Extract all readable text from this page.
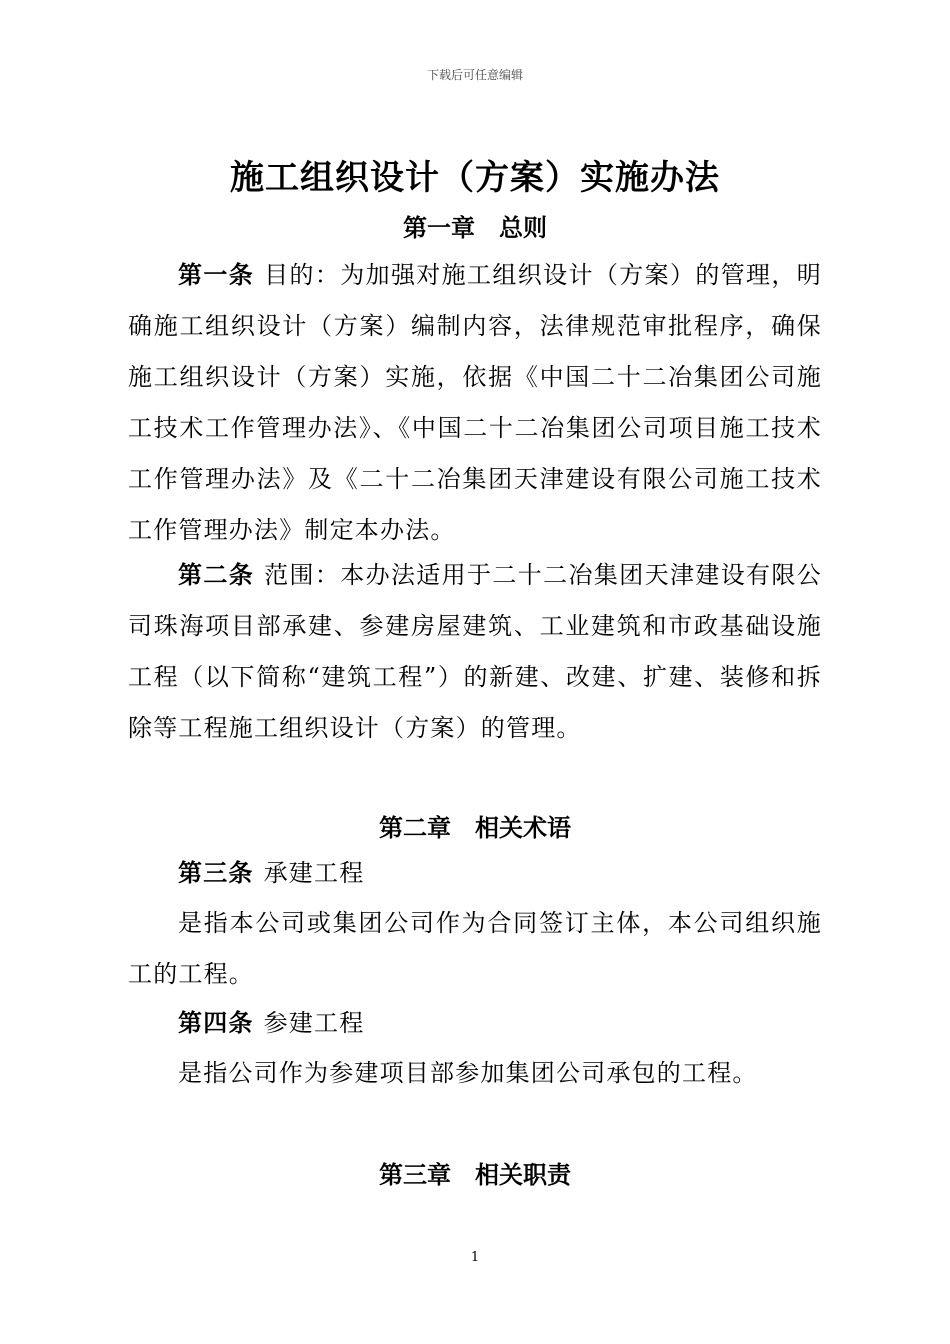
下载后可任意编辑
施工组织设计（方案）实施办法
第一章 总则
第一条 目的：为加强对施工组织设计（方案）的管理，明确施工组织设计（方案）编制内容，法律规范审批程序，确保施工组织设计（方案）实施，依据《中国二十二冶集团公司施工技术工作管理办法》、《中国二十二冶集团公司项目施工技术工作管理办法》及《二十二冶集团天津建设有限公司施工技术工作管理办法》制定本办法。
第二条 范围：本办法适用于二十二冶集团天津建设有限公司珠海项目部承建、参建房屋建筑、工业建筑和市政基础设施工程（以下简称“建筑工程”）的新建、改建、扩建、装修和拆除等工程施工组织设计（方案）的管理。
第二章 相关术语
第三条 承建工程
是指本公司或集团公司作为合同签订主体，本公司组织施工的工程。
第四条 参建工程
是指公司作为参建项目部参加集团公司承包的工程。
第三章 相关职责
1
